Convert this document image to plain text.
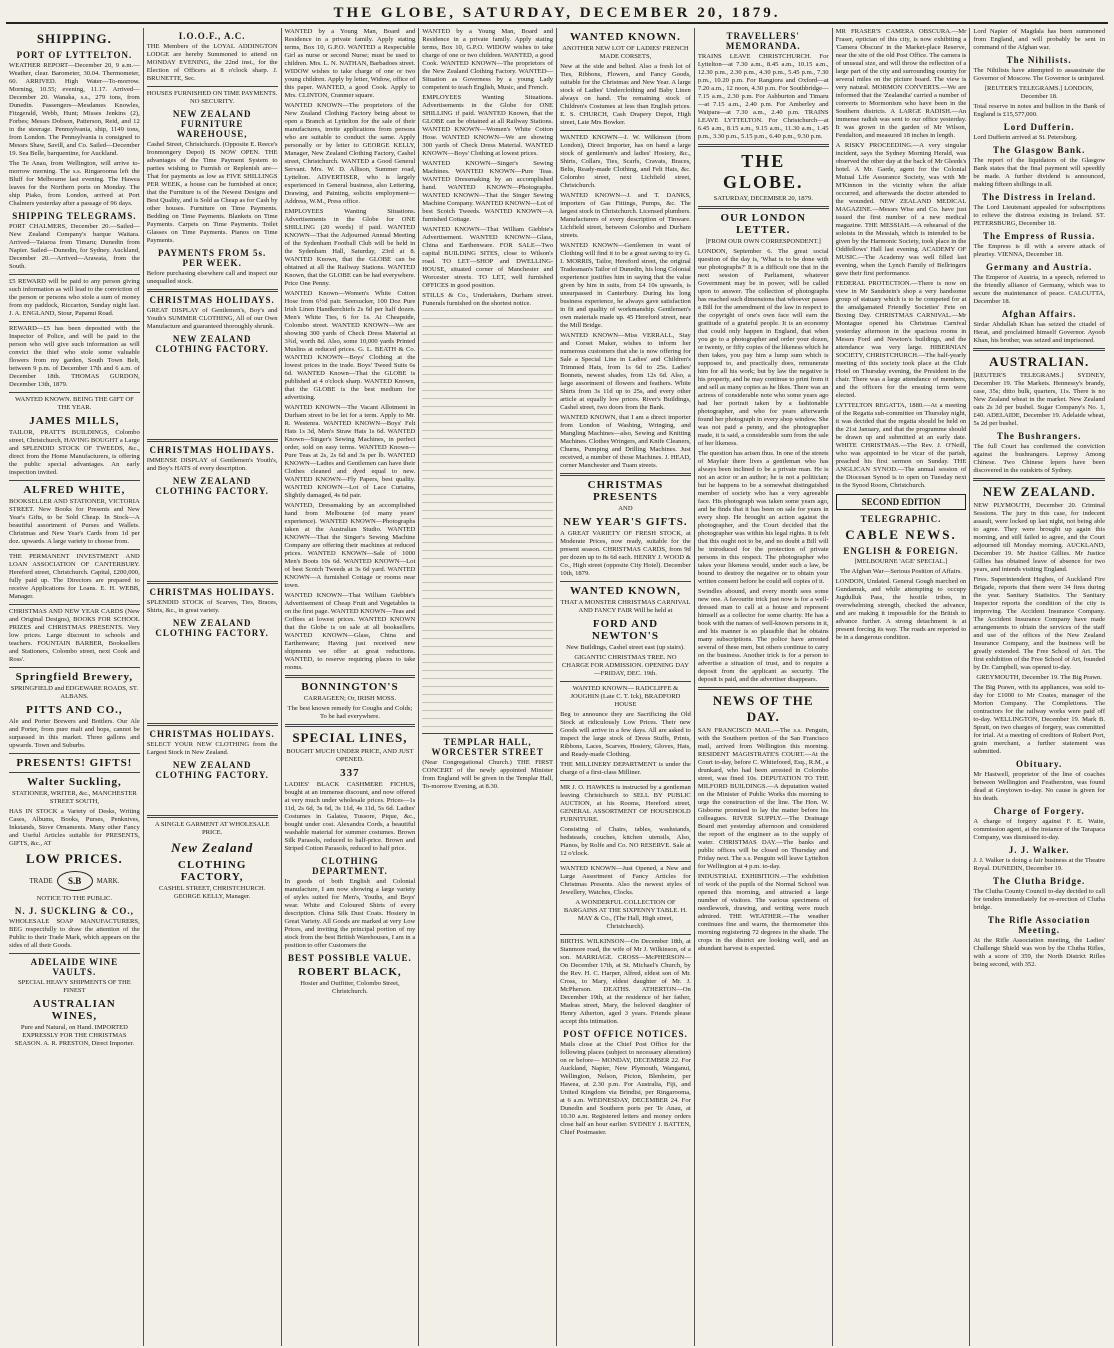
THE GLOBE, SATURDAY, DECEMBER 20, 1879.
SHIPPING.
PORT OF LYTTELTON.
WEATHER REPORT—December 20, 9 a.m.—Weather, clear. Barometer, 30.04. Thermometer, 60. ARRIVED. High Water—To-morrow. Morning, 10.55; evening, 11.17. Arrived—December 20. Wanaka, s.s., 279 tons, from Dunedin. Passengers—Mesdames Knowles, Fitzgerald, Webb, Hunt; Misses Jenkins (2), Forbes; Messrs Dobson, Patterson, Reid, and 12 in the steerage. Pennsylvania, ship, 1149 tons, from London. The Pennsylvania is consigned to Messrs Shaw, Savill, and Co. Sailed—December 19. Sea Belle, barquentine, for Auckland.
The Te Anau, from Wellington, will arrive to-morrow morning. The s.s. Ringarooma left the Bluff for Melbourne last evening. The Hawea leaves for the Northern ports on Monday. The ship Piako, from London, arrived at Port Chalmers yesterday after a passage of 96 days.
SHIPPING TELEGRAMS.
PORT CHALMERS, December 20.—Sailed—New Zealand Company's barque Waitara. Arrived—Taiaroa from Timaru; Dunedin from Napier. Sailed—Dunedin, for Sydney. Auckland, December 20.—Arrived—Arawata, from the South.
£5 REWARD will be paid to any person giving such information as will lead to the conviction of the person or persons who stole a sum of money from my paddock, Riccarton, Sunday night last. J. A. ENGLAND, Stour, Papanui Road.
REWARD—£5 has been deposited with the Inspector of Police, and will be paid to the person who will give such information as will convict the thief who stole some valuable flowers from my garden, South Town Belt, between 9 p.m. of December 17th and 6 a.m. of December 18th. THOMAS GURDON, December 13th, 1879.
WANTED KNOWN. BEING THE GIFT OF THE YEAR.
JAMES MILLS,
TAILOR, PRATT'S BUILDINGS, Colombo street, Christchurch, HAVING BOUGHT a Large and SPLENDID STOCK OF TWEEDS, &c., direct from the Home Manufacturers, is offering the public special advantages. An early inspection invited.
ALFRED WHITE,
BOOKSELLER AND STATIONER, VICTORIA STREET. New Books for Presents and New Year's Gifts, to be Sold Cheap. In Stock—A beautiful assortment of Purses and Wallets. Christmas and New Year's Cards from 1d per doz. upwards. A large variety to choose from.
THE PERMANENT INVESTMENT AND LOAN ASSOCIATION OF CANTERBURY. Hereford street, Christchurch. Capital, £200,000, fully paid up. The Directors are prepared to receive Applications for Loans. E. H. WEBB, Manager.
CHRISTMAS AND NEW YEAR CARDS (New and Original Designs), BOOKS FOR SCHOOL PRIZES and CHRISTMAS PRESENTS. Very low prices. Large discount to schools and teachers. FOUNTAIN BARBER, Booksellers and Stationers, Colombo street, next Cook and Ross'.
Springfield Brewery,
SPRINGFIELD and EDGEWARE ROADS, ST. ALBANS.
PITTS AND CO.,
Ale and Porter Brewers and Bottlers. Our Ale and Porter, from pure malt and hops, cannot be surpassed in this market. Three gallons and upwards. Town and Suburbs.
PRESENTS! GIFTS!
Walter Suckling,
STATIONER, WRITER, &c., MANCHESTER STREET SOUTH,
HAS IN STOCK a Variety of Desks, Writing Cases, Albums, Books, Purses, Penknives, Inkstands, Stove Ornaments. Many other Fancy and Useful Articles suitable for PRESENTS, GIFTS, &c., AT
LOW PRICES.
TRADE	S.B	MARK.
NOTICE TO THE PUBLIC.
N. J. SUCKLING & CO.,
WHOLESALE SOAP MANUFACTURERS, BEG respectfully to draw the attention of the Public to their Trade Mark, which appears on the sides of all their Goods.
ADELAIDE WINE VAULTS.
SPECIAL HEAVY SHIPMENTS OF THE FINEST
AUSTRALIAN WINES,
Pure and Natural, on Hand. IMPORTED EXPRESSLY FOR THE CHRISTMAS SEASON. A. R. PRESTON, Direct Importer.
I.O.O.F., A.C.
THE Members of the LOYAL ADDINGTON LODGE are hereby Summoned to attend on MONDAY EVENING, the 22nd inst., for the Election of Officers at 8 o'clock sharp. J. BRUNETTE, Sec.
HOUSES FURNISHED ON TIME PAYMENTS. NO SECURITY.
NEW ZEALAND FURNITURE WAREHOUSE,
Cashel Street, Christchurch. (Opposite E. Reece's Ironmongery Depot) IS NOW OPEN. THE advantages of the Time Payment System to parties wishing to Furnish or Replenish are—That for payments as low as FIVE SHILLINGS PER WEEK, a house can be furnished at once; that the Furniture is of the Newest Designs and Best Quality, and is Sold as Cheap as for Cash by other houses. Furniture on Time Payments. Bedding on Time Payments. Blankets on Time Payments. Carpets on Time Payments. Toilet Glasses on Time Payments. Pianos on Time Payments.
PAYMENTS FROM 5s. PER WEEK.
Before purchasing elsewhere call and inspect our unequalled stock.
CHRISTMAS HOLIDAYS.
GREAT DISPLAY of Gentlemen's, Boy's and Youth's SUMMER CLOTHING, All of our Own Manufacture and guaranteed thoroughly shrunk.
NEW ZEALAND CLOTHING FACTORY.
CHRISTMAS HOLIDAYS.
IMMENSE DISPLAY of Gentlemen's Youth's, and Boy's HATS of every description.
NEW ZEALAND CLOTHING FACTORY.
CHRISTMAS HOLIDAYS.
SPLENDID STOCK of Scarves, Ties, Braces, Shirts, &c., in great variety.
NEW ZEALAND CLOTHING FACTORY.
CHRISTMAS HOLIDAYS.
SELECT YOUR NEW CLOTHING from the Largest Stock in New Zealand.
NEW ZEALAND CLOTHING FACTORY.
A SINGLE GARMENT AT WHOLESALE PRICE.
New Zealand
CLOTHING FACTORY,
CASHEL STREET, CHRISTCHURCH. GEORGE KELLY, Manager.
WANTED by a Young Man, Board and Residence in a private family. Apply stating terms, Box 10, G.P.O. WANTED a Respectable Girl as nurse or second Nurse; must be used to children. Mrs. L. N. NATHAN, Barbadoes street. WIDOW wishes to take charge of one or two young children. Apply by letter, Widow, office of this paper. WANTED, a good Cook. Apply to Mrs. CLINTON, Cranmer square.
WANTED KNOWN—The proprietors of the New Zealand Clothing Factory being about to open a Branch at Lyttelton for the sale of their manufactures, invite applications from persons who are suitable to conduct the same. Apply personally or by letter to GEORGE KELLY, Manager, New Zealand Clothing Factory, Cashel street, Christchurch. WANTED a Good General Servant. Mrs. W. D. Allison, Summer road, Lyttelton. ADVERTISER, who is largely experienced in General business, also Lettering, Drawing, and Painting, solicits employment—Address, W.M., Press office.
EMPLOYEES Wanting Situations. Advertisements in the Globe for ONE SHILLING (20 words) if paid. WANTED KNOWN—That the Adjourned Annual Meeting of the Sydenham Football Club will be held in the Sydenham Hall, Saturday, 23rd at 8. WANTED Known, that the GLOBE can be obtained at all the Railway Stations. WANTED Known, that the GLOBE can be had everywhere. Price One Penny.
WANTED Known—Women's White Cotton Hose from 6½d pair. Seersucker, 100 Doz Pure Irish Linen Handkerchiefs 2s 6d per half dozen. Men's White Ties, 6 for 1s. At Cheapside, Colombo street. WANTED KNOWN—We are showing 300 yards of Check Dress Material at 3¾d, worth 8d. Also, some 10,000 yards Printed Muslins at reduced prices. G. L. BEATH & Co. WANTED KNOWN—Boys' Clothing at the lowest prices in the trade. Boys' Tweed Suits 6s 6d. WANTED Known—That the GLOBE is published at 4 o'clock sharp. WANTED Known, that the GLOBE is the best medium for advertising.
WANTED KNOWN—The Vacant Allotment in Durham street to be let for a term. Apply to Mr. R. Westenra. WANTED KNOWN—Boys' Felt Hats 1s 3d, Men's Straw Hats 1s 6d. WANTED Known—Singer's Sewing Machines, in perfect order, sold on easy terms. WANTED Known—Pure Teas at 2s, 2s 6d and 3s per lb. WANTED KNOWN—Ladies and Gentlemen can have their Clothes cleaned and dyed equal to new. WANTED KNOWN—Fly Papers, best quality. WANTED KNOWN—Lot of Lace Curtains, Slightly damaged, 4s 6d pair.
WANTED, Dressmaking by an accomplished hand from Melbourne (of many years' experience). WANTED KNOWN—Photographs taken at the Australian Studio. WANTED KNOWN—That the Singer's Sewing Machine Company are offering their machines at reduced prices. WANTED KNOWN—Sale of 1000 Men's Boots 10s 6d. WANTED KNOWN—Lot of best Scotch Tweeds at 3s 6d yard. WANTED KNOWN—A furnished Cottage or rooms near town.
WANTED KNOWN—That William Giebbie's Advertisement of Cheap Fruit and Vegetables is on the first page. WANTED KNOWN—Teas and Coffees at lowest prices. WANTED KNOWN that the Globe is on sale at all booksellers. WANTED KNOWN—Glass, China and Earthenware; Having just received new shipments we offer at great reductions. WANTED, to reserve requiring places to take rooms.
BONNINGTON'S
CARRAGEEN; Or, IRISH MOSS.
The best known remedy for Coughs and Colds; To be had everywhere.
SPECIAL LINES,
BOUGHT MUCH UNDER PRICE, AND JUST OPENED.
337
LADIES' BLACK CASHMERE FICHUS, bought at an immense discount, and now offered at very much under wholesale prices. Prices—1s 11d, 2s 6d, 3s 6d, 3s 11d, 4s 11d, 5s 6d. Ladies' Costumes in Galatea, Tussore, Pique, &c., bought under cost. Alexandra Cords, a beautiful washable material for summer costumes. Brown Silk Parasols, reduced to half-price. Brown and Striped Cotton Parasols, reduced to half price.
CLOTHING DEPARTMENT.
In goods of both English and Colonial manufacture, I am now showing a large variety of styles suited for Men's, Youths, and Boys' wear. White and Coloured Shirts of every description. China Silk Dust Coats. Hosiery in Great Variety. All Goods are marked at very Low Prices, and inviting the principal portion of my stock from the best British Warehouses, I am in a position to offer Customers the
BEST POSSIBLE VALUE.
ROBERT BLACK,
Hosier and Outfitter, Colombo Street, Christchurch.
WANTED by a Young Man, Board and Residence in a private family. Apply stating terms, Box 10, G.P.O. WIDOW wishes to take charge of one or two children. WANTED, a good Cook. WANTED KNOWN—The proprietors of the New Zealand Clothing Factory. WANTED—Situation as Governess by a young Lady competent to teach English, Music, and French.
EMPLOYEES Wanting Situations. Advertisements in the Globe for ONE SHILLING if paid. WANTED Known, that the GLOBE can be obtained at all Railway Stations. WANTED KNOWN—Women's White Cotton Hose. WANTED KNOWN—We are showing 300 yards of Check Dress Material. WANTED KNOWN—Boys' Clothing at lowest prices.
WANTED KNOWN—Singer's Sewing Machines. WANTED KNOWN—Pure Teas. WANTED Dressmaking by an accomplished hand. WANTED KNOWN—Photographs. WANTED KNOWN—That the Singer Sewing Machine Company. WANTED KNOWN—Lot of best Scotch Tweeds. WANTED KNOWN—A furnished Cottage.
WANTED KNOWN—That William Giebbie's Advertisement. WANTED KNOWN—Glass, China and Earthenware. FOR SALE—Two capital BUILDING SITES, close to Wilson's road. TO LET—SHOP and DWELLING-HOUSE, situated corner of Manchester and Worcester streets. TO LET, well furnished OFFICES in good position.
STILLS & Co., Undertakers, Durham street. Funerals furnished on the shortest notice.
TEMPLAR HALL, WORCESTER STREET
(Near Congregational Church.) THE FIRST CONCERT of the newly appointed Minister from England will be given in the Templar Hall, To-morrow Evening, at 8.30.
WANTED KNOWN.
ANOTHER NEW LOT OF LADIES' FRENCH MADE CORSETS,
New at the side and belted. Also a fresh lot of Ties, Ribbons, Flowers, and Fancy Goods, suitable for the Christmas and New Year. A large stock of Ladies' Underclothing and Baby Linen always on hand. The remaining stock of Children's Costumes at less than English prices. E. S. CHURCH, Cash Drapery Depot, High street, Late Mrs Bowker.
WANTED KNOWN—J. W. Wilkinson (from London), Direct Importer, has on hand a large stock of gentlemen's and ladies' Hosiery, &c., Shirts, Collars, Ties, Scarfs, Cravats, Braces, Belts, Ready-made Clothing, and Felt Hats, &c. Colombo street, next Lichfield street, Christchurch.
WANTED KNOWN—J. and T. DANKS, importers of Gas Fittings, Pumps, &c. The largest stock in Christchurch. Licensed plumbers. Manufacturers of every description of Tinware. Lichfield street, between Colombo and Durham streets.
WANTED KNOWN—Gentlemen in want of Clothing will find it to be a great saving to try G. I. MORRIS, Tailor, Hereford street, the original Tradesman's Tailor of Dunedin, his long Colonial experience justifies him in saying that the value given by him in suits, from £4 10s upwards, is unsurpassed in Canterbury. During his long business experience, he always gave satisfaction in fit and quality of workmanship. Gentlemen's own materials made up. 45 Hereford street, near the Mill Bridge.
WANTED KNOWN—Miss VERRALL, Stay and Corset Maker, wishes to inform her numerous customers that she is now offering for Sale a Special Line in Ladies' and Children's Trimmed Hats, from 1s 6d to 25s. Ladies' Bonnets, newest shades, from 12s 6d. Also, a large assortment of flowers and feathers. White Shirts from 3s 11d up to 25s, and every other article at equally low prices. River's Buildings, Cashel street, two doors from the Bank.
WANTED KNOWN, that I am a direct importer from London of Washing, Wringing, and Mangling Machines—also, Sewing and Knitting Machines. Clothes Wringers, and Knife Cleaners, Churns, Pumping and Drilling Machines. Just received, a number of those Machines. J. HEAD, corner Manchester and Tuam streets.
CHRISTMAS PRESENTS
AND
NEW YEAR'S GIFTS.
A GREAT VARIETY OF FRESH STOCK, at Moderate Prices, now ready, suitable for the present season. CHRISTMAS CARDS, from 9d per dozen up to 8s 6d each. HENRY J. WOOD & Co., High street (opposite City Hotel). December 10th, 1879.
WANTED KNOWN,
THAT A MONSTER CHRISTMAS CARNIVAL AND FANCY FAIR Will be held at
FORD AND NEWTON'S
New Buildings, Cashel street east (up stairs).
GIGANTIC CHRISTMAS TREE. NO CHARGE FOR ADMISSION. OPENING DAY—FRIDAY, DEC. 19th.
WANTED KNOWN— RADCLIFFE & JOUGHIN (Late C. T. Ick), BRADFORD HOUSE
Beg to announce they are Sacrificing the Old Stock at ridiculously Low Prices. Their new Goods will arrive in a few days. All are asked to inspect the large stock of Dress Stuffs, Prints, Ribbons, Laces, Scarves, Hosiery, Gloves, Hats, and Ready-made Clothing.
THE MILLINERY DEPARTMENT is under the charge of a first-class Milliner.
MR J. O. HAWKES is instructed by a gentleman leaving Christchurch to SELL BY PUBLIC AUCTION, at his Rooms, Hereford street, GENERAL ASSORTMENT OF HOUSEHOLD FURNITURE.
Consisting of Chairs, tables, washstands, bedsteads, couches, kitchen utensils, Also, Pianos, by Rolfe and Co. NO RESERVE. Sale at 12 o'clock.
WANTED KNOWN—Just Opened, a New and Large Assortment of Fancy Articles for Christmas Presents. Also the newest styles of Jewellery, Watches, Clocks.
A WONDERFUL COLLECTION OF BARGAINS AT THE SIXPENNY TABLE. H. MAY & Co., (The Hall, High street, Christchurch).
BIRTHS. WILKINSON—On December 18th, at Stanmore road, the wife of Mr J. Wilkinson, of a son. MARRIAGE. CROSS—McPHERSON—On December 17th, at St. Michael's Church, by the Rev. H. C. Harper, Alfred, eldest son of Mr. Cross, to Mary, eldest daughter of Mr. J. McPherson. DEATHS. ATHERTON—On December 19th, at the residence of her father, Madras street, Mary, the beloved daughter of Henry Atherton, aged 3 years. Friends please accept this intimation.
POST OFFICE NOTICES.
Mails close at the Chief Post Office for the following places (subject to necessary alteration) on or before— MONDAY, DECEMBER 22. For Auckland, Napier, New Plymouth, Wanganui, Wellington, Nelson, Picton, Blenheim, per Hawea, at 2.30 p.m. For Australia, Fiji, and United Kingdom via Brindisi, per Ringarooma, at 6 a.m. WEDNESDAY, DECEMBER 24. For Dunedin and Southern ports per Te Anau, at 10.30 a.m. Registered letters and money orders close half an hour earlier. SYDNEY J. BATTEN, Chief Postmaster.
TRAVELLERS' MEMORANDA.
TRAINS LEAVE CHRISTCHURCH. For Lyttelton—at 7.30 a.m., 8.45 a.m., 10.15 a.m., 12.30 p.m., 2.30 p.m., 4.30 p.m., 5.45 p.m., 7.30 p.m., 10.20 p.m. For Rangiora and Oxford—at 7.20 a.m., 12 noon, 4.30 p.m. For Southbridge—7.15 a.m., 2.30 p.m. For Ashburton and Timaru—at 7.15 a.m., 2.40 p.m. For Amberley and Waipara—at 7.30 a.m., 2.40 p.m. TRAINS LEAVE LYTTELTON. For Christchurch—at 6.45 a.m., 8.15 a.m., 9.15 a.m., 11.30 a.m., 1.45 p.m., 3.30 p.m., 5.15 p.m., 6.40 p.m., 9.30 p.m.
THE GLOBE.
SATURDAY, DECEMBER 20, 1879.
OUR LONDON LETTER.
[FROM OUR OWN CORRESPONDENT.]
LONDON, September 6. The great social question of the day is, 'What is to be done with our photographs?' It is a difficult one that in the next session of Parliament, whatever Government may be in power, will be called upon to answer. The collection of photographs has reached such dimensions that whoever passes a Bill for the amendment of the law in respect to the copyright of one's own face will earn the gratitude of a grateful people. It is an economy that could only happen in England, that when you go to a photographer and order your dozen, or twenty, or fifty copies of the likeness which he then takes, you pay him a lump sum which is supposed to, and practically does, remunerate him for all his work; but by law the negative is his property, and he may continue to print from it and sell as many copies as he likes. There was an actress of considerable note who some years ago had her portrait taken by a fashionable photographer, and who for years afterwards found her photograph in every shop window. She was not paid a penny, and the photographer made, it is said, a considerable sum from the sale of her likeness.
The question has arisen thus. In one of the streets of Mayfair there lives a gentleman who has always been inclined to be a private man. He is not an actor or an author; he is not a politician; but he happens to be a somewhat distinguished member of society who has a very agreeable face. His photograph was taken some years ago, and he finds that it has been on sale for years in every shop. He brought an action against the photographer, and the Court decided that the photographer was within his legal rights. It is felt that this ought not to be, and no doubt a Bill will be introduced for the protection of private persons in this respect. The photographer who takes your likeness would, under such a law, be bound to destroy the negative or to obtain your written consent before he could sell copies of it.
Swindles abound, and every month sees some new one. A favourite trick just now is for a well-dressed man to call at a house and represent himself as a collector for some charity. He has a book with the names of well-known persons in it, and his manner is so plausible that he obtains many subscriptions. The police have arrested several of these men, but others continue to carry on the business. Another trick is for a person to advertise a situation of trust, and to require a deposit from the applicant as security. The deposit is paid, and the advertiser disappears.
NEWS OF THE DAY.
SAN FRANCISCO MAIL.—The s.s. Penguin, with the Southern portion of the San Francisco mail, arrived from Wellington this morning. RESIDENT MAGISTRATE'S COURT.—At the Court to-day, before C. Whitefoord, Esq., R.M., a drunkard, who had been arrested in Colombo street, was fined 10s. DEPUTATION TO THE MILFORD BUILDINGS.—A deputation waited on the Minister of Public Works this morning to urge the construction of the line. The Hon. W. Gisborne promised to lay the matter before his colleagues. RIVER SUPPLY.—The Drainage Board met yesterday afternoon and considered the report of the engineer as to the supply of water. CHRISTMAS DAY.—The banks and public offices will be closed on Thursday and Friday next. The s.s. Penguin will leave Lyttelton for Wellington at 4 p.m. to-day.
INDUSTRIAL EXHIBITION.—The exhibition of work of the pupils of the Normal School was opened this morning, and attracted a large number of visitors. The various specimens of needlework, drawing, and writing were much admired. THE WEATHER.—The weather continues fine and warm, the thermometer this morning registering 72 degrees in the shade. The crops in the district are looking well, and an abundant harvest is expected.
MR FRASER'S CAMERA OBSCURA.—Mr Fraser, optician of this city, is now exhibiting a 'Camera Obscura' in the Market-place Reserve, near the site of the old Post Office. The camera is of unusual size, and will throw the reflection of a large part of the city and surrounding country for several miles on the picture board. The view is very natural. MORMON CONVERTS.—We are informed that the 'Zealandia' carried a number of converts to Mormonism who have been in the Southern districts. A LARGE RADISH.—An immense radish was sent to our office yesterday. It was grown in the garden of Mr Wilson, Fendalton, and measured 18 inches in length.
A RISKY PROCEEDING.—A very singular incident, says the Sydney Morning Herald, was observed the other day at the back of Mr Gleeds's hotel. A Mr. Garde, agent for the Colonial Mutual Life Assurance Society, was with Mr M'Kinnon in the vicinity when the affair occurred, and afterwards the doctor attended to the wounded. NEW ZEALAND MEDICAL MAGAZINE.—Messrs Wise and Co. have just issued the first number of a new medical magazine. THE MESSIAH.—A rehearsal of the soloists in the Messiah, which is intended to be given by the Harmonic Society, took place in the Oddfellows' Hall last evening. ACADEMY OF MUSIC.—The Academy was well filled last evening, when the Lynch Family of Bellringers gave their first performance.
FEDERAL PROTECTION.—There is now on view in Mr Sandstein's shop a very handsome group of statuary which is to be competed for at the amalgamated Friendly Societies' Fete on Boxing Day. CHRISTMAS CARNIVAL.—Mr Montague opened his Christmas Carnival yesterday afternoon in the spacious rooms in Messrs Ford and Newton's buildings, and the attendance was very large. HIBERNIAN SOCIETY, CHRISTCHURCH.—The half-yearly meeting of this society took place at the Club Hotel on Thursday evening, the President in the chair. There was a large attendance of members, and the officers for the ensuing term were elected.
LYTTELTON REGATTA, 1880.—At a meeting of the Regatta sub-committee on Thursday night, it was decided that the regatta should be held on the 21st January, and that the programme should be drawn up and submitted at an early date. WHITE CHRISTMAS.—The Rev. J. O'Neill, who was appointed to be vicar of the parish, preached his first sermon on Sunday. THE ANGLICAN SYNOD.—The annual session of the Diocesan Synod is to open on Tuesday next in the Synod Room, Christchurch.
SECOND EDITION
TELEGRAPHIC.
CABLE NEWS.
ENGLISH & FOREIGN.
[MELBOURNE 'AGE' SPECIAL.]
The Afghan War—Serious Position of Affairs.
LONDON, Undated. General Gough marched on Gundamuk, and while attempting to occupy Jugdulluk Pass, the hostile tribes, in overwhelming strength, checked the advance, and are making it impossible for the British to advance further. A strong detachment is at present forcing its way. The roads are reported to be in a dangerous condition.
Lord Napier of Magdala has been summoned from England, and will probably be sent in command of the Afghan war.
The Nihilists.
The Nihilists have attempted to assassinate the Governor of Moscow. The Governor is uninjured.
[REUTER'S TELEGRAMS.] LONDON, December 18.
Total reserve in notes and bullion in the Bank of England is £15,577,000.
Lord Dufferin.
Lord Dufferin arrived at St. Petersburg.
The Glasgow Bank.
The report of the liquidators of the Glasgow Bank states that the final payment will speedily be made. A further dividend is announced, making fifteen shillings in all.
The Distress in Ireland.
The Lord Lieutenant appealed for subscriptions to relieve the distress existing in Ireland. ST. PETERSBURG, December 18.
The Empress of Russia.
The Empress is ill with a severe attack of pleurisy. VIENNA, December 18.
Germany and Austria.
The Emperor of Austria, in a speech, referred to the friendly alliance of Germany, which was to secure the maintenance of peace. CALCUTTA, December 18.
Afghan Affairs.
Sirdar Abdullah Khan has seized the citadel of Herat, and proclaimed himself Governor. Ayoob Khan, his brother, was seized and imprisoned.
AUSTRALIAN.
[REUTER'S TELEGRAMS.] SYDNEY, December 19. The Markets. Hennessy's brandy, case, 35s; ditto bulk, quarters, 11s. There is no New Zealand wheat in the market. New Zealand oats 2s 3d per bushel. Sugar Company's No. 1, £40. ADELAIDE, December 19. Adelaide wheat, 5s 2d per bushel.
The Bushrangers.
The full Court has confirmed the conviction against the bushrangers. Leprosy Among Chinese. Two Chinese lepers have been discovered in the outskirts of Sydney.
NEW ZEALAND.
NEW PLYMOUTH, December 20. Criminal Sessions. The jury in this case, for indecent assault, were locked up last night, not being able to agree. They were brought up again this morning, and still failed to agree, and the Court adjourned till Monday morning. AUCKLAND, December 19. Mr Justice Gillies. Mr Justice Gillies has obtained leave of absence for two years, and intends visiting England.
Fires. Superintendent Hughes, of Auckland Fire Brigade, reports that there were 34 fires during the year. Sanitary Statistics. The Sanitary Inspector reports the condition of the city is improving. The Accident Insurance Company. The Accident Insurance Company have made arrangements to obtain the services of the staff and use of the offices of the New Zealand Insurance Company, and the business will be greatly extended. The Free School of Art. The first exhibition of the Free School of Art, founded by Dr. Campbell, was opened to-day.
GREYMOUTH, December 19. The Big Prawn.
The Big Prawn, with its appliances, was sold to-day for £1000 to Mr Coates, manager of the Morton Company. The Completions. The contractors for the railway works were paid off to-day. WELLINGTON, December 19. Mark B. Spratt, on two charges of forgery, was committed for trial. At a meeting of creditors of Robert Port, grain merchant, a further statement was submitted.
Obituary.
Mr Hastwell, proprietor of the line of coaches between Wellington and Featherston, was found dead at Greytown to-day. No cause is given for his death.
Charge of Forgery.
A charge of forgery against F. E. Waite, commission agent, at the instance of the Tarapaca Company, was dismissed to-day.
J. J. Walker.
J. J. Walker is doing a fair business at the Theatre Royal. DUNEDIN, December 19.
The Clutha Bridge.
The Clutha County Council to-day decided to call for tenders immediately for re-erection of Clutha bridge.
The Rifle Association Meeting.
At the Rifle Association meeting, the Ladies' Challenge Shield was won by the Clutha Rifles, with a score of 359, the North District Rifles being second, with 352.
